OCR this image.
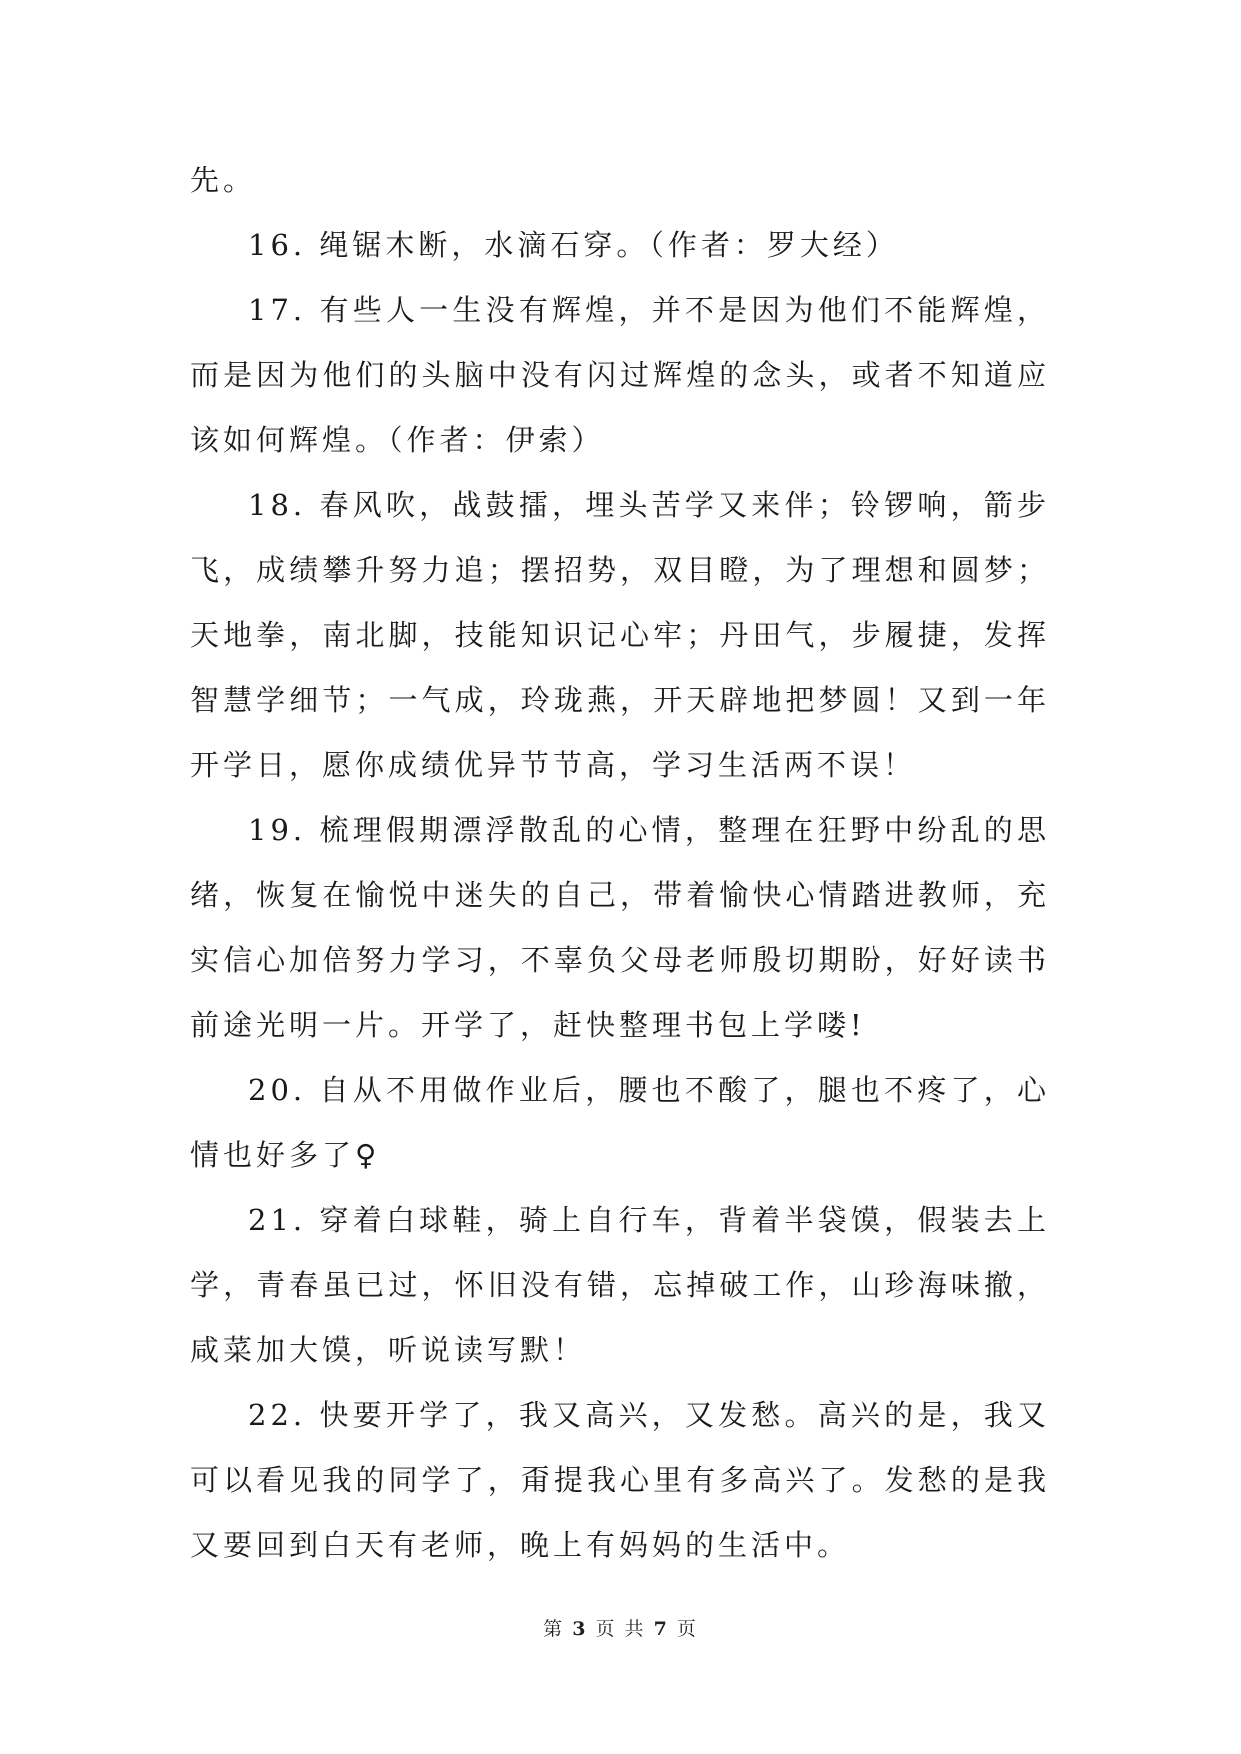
先。

16. 绳锯木断，水滴石穿。（作者：罗大经）

17. 有些人一生没有辉煌，并不是因为他们不能辉煌，而是因为他们的头脑中没有闪过辉煌的念头，或者不知道应该如何辉煌。（作者：伊索）

18. 春风吹，战鼓擂，埋头苦学又来伴；铃锣响，箭步飞，成绩攀升努力追；摆招势，双目瞪，为了理想和圆梦；天地拳，南北脚，技能知识记心牢；丹田气，步履捷，发挥智慧学细节；一气成，玲珑燕，开天辟地把梦圆！又到一年开学日，愿你成绩优异节节高，学习生活两不误！

19. 梳理假期漂浮散乱的心情，整理在狂野中纷乱的思绪，恢复在愉悦中迷失的自己，带着愉快心情踏进教师，充实信心加倍努力学习，不辜负父母老师殷切期盼，好好读书前途光明一片。开学了，赶快整理书包上学喽!

20. 自从不用做作业后，腰也不酸了，腿也不疼了，心情也好多了♀

21. 穿着白球鞋，骑上自行车，背着半袋馍，假装去上学，青春虽已过，怀旧没有错，忘掉破工作，山珍海味撤，咸菜加大馍，听说读写默！

22. 快要开学了，我又高兴，又发愁。高兴的是，我又可以看见我的同学了，甭提我心里有多高兴了。发愁的是我又要回到白天有老师，晚上有妈妈的生活中。

第 3 页 共 7 页
